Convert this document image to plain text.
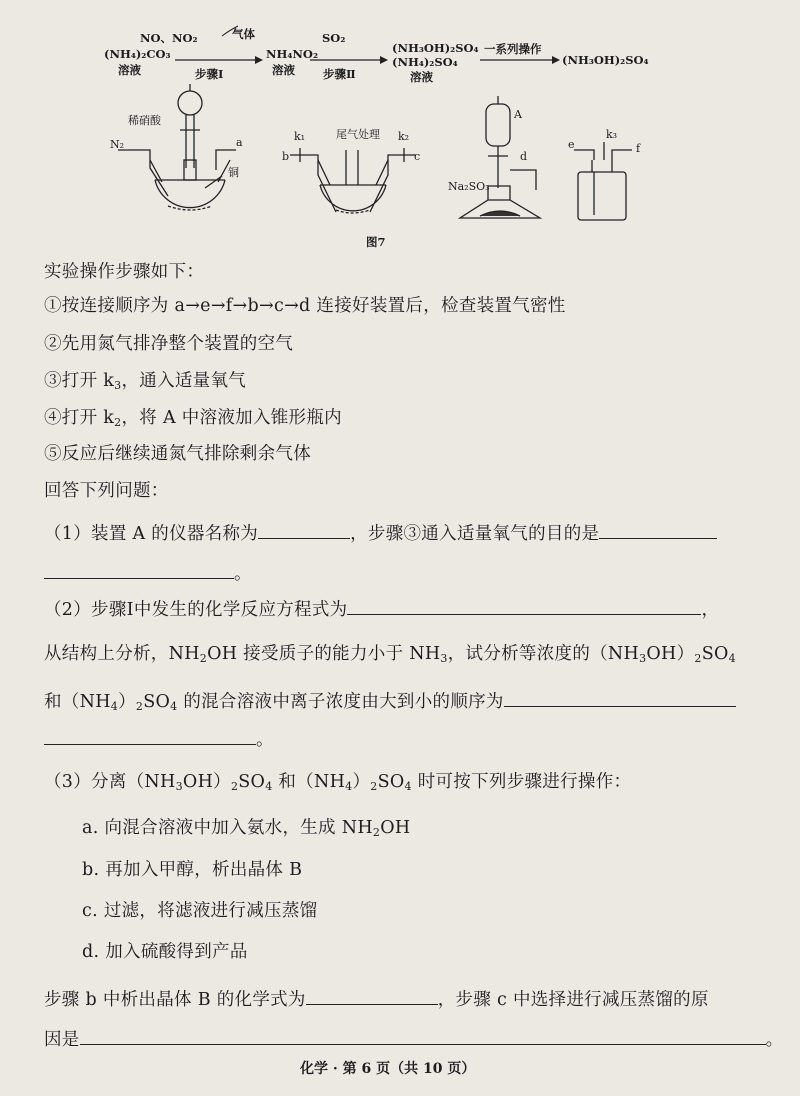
NO、NO₂	气体
(NH₄)₂CO₃
溶液	步骤Ⅰ
NH₄NO₂
溶液
SO₂
步骤Ⅱ
(NH₃OH)₂SO₄
(NH₄)₂SO₄
溶液
一系列操作
(NH₃OH)₂SO₄
稀硝酸
N₂	a
铜
k₁	尾气处理 k₂
b	c
A
d
Na₂SO₃
e
k₃
f
图7
实验操作步骤如下：
①按连接顺序为 a→e→f→b→c→d 连接好装置后，检查装置气密性
②先用氮气排净整个装置的空气
③打开 $k_3$，通入适量氧气
④打开 $k_2$，将 A 中溶液加入锥形瓶内
⑤反应后继续通氮气排除剩余气体
回答下列问题：
（1）装置 A 的仪器名称为	，步骤③通入适量氧气的目的是
。
（2）步骤Ⅰ中发生的化学反应方程式为	，
从结构上分析，$NH_2OH$ 接受质子的能力小于 $NH_3$，试分析等浓度的$(NH_3OH)_2SO_4$
和$(NH_4)_2SO_4$ 的混合溶液中离子浓度由大到小的顺序为
。
（3）分离$(NH_3OH)_2SO_4$ 和$(NH_4)_2SO_4$ 时可按下列步骤进行操作：
a. 向混合溶液中加入氨水，生成 $NH_2OH$
b. 再加入甲醇，析出晶体 B
c. 过滤，将滤液进行减压蒸馏
d. 加入硫酸得到产品
步骤 b 中析出晶体 B 的化学式为	，步骤 c 中选择进行减压蒸馏的原
因是	。
化学 · 第 6 页（共 10 页）
